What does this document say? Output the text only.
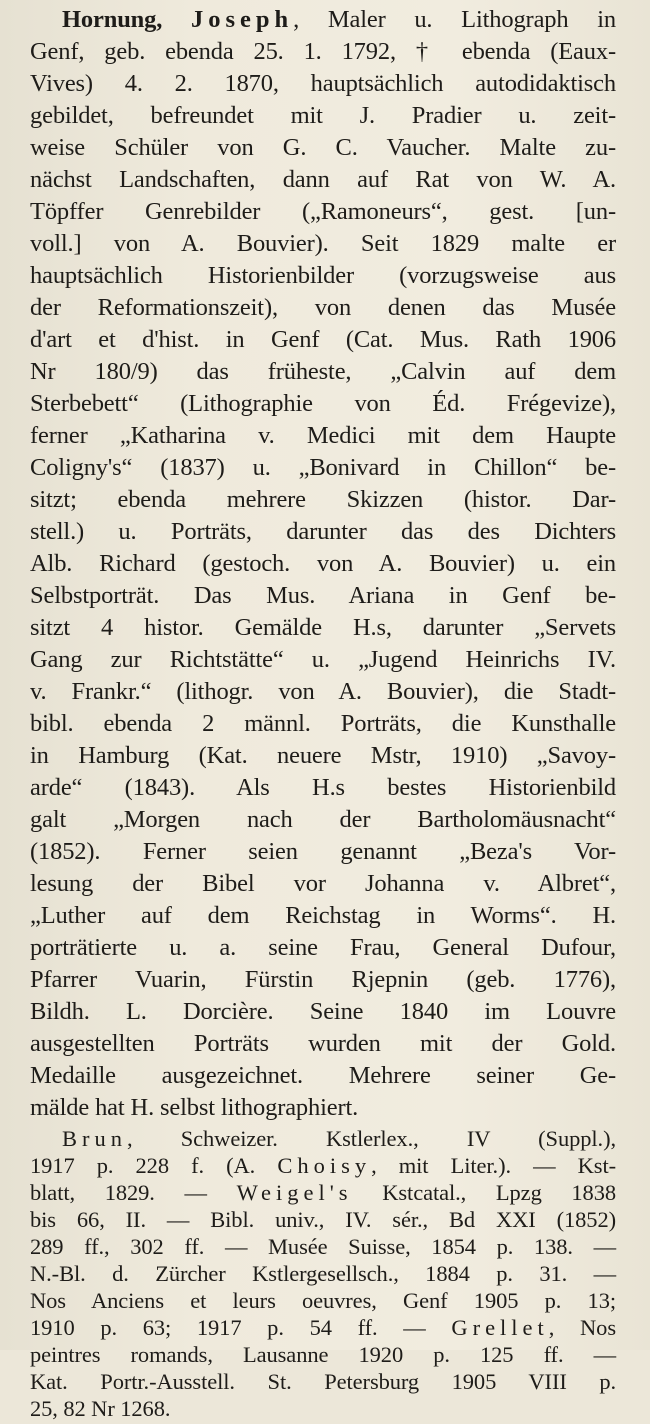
Hornung, Joseph, Maler u. Lithograph in
Genf, geb. ebenda 25. 1. 1792, † ebenda (Eaux-
Vives) 4. 2. 1870, hauptsächlich autodidaktisch
gebildet, befreundet mit J. Pradier u. zeit-
weise Schüler von G. C. Vaucher. Malte zu-
nächst Landschaften, dann auf Rat von W. A.
Töpffer Genrebilder („Ramoneurs“, gest. [un-
voll.] von A. Bouvier). Seit 1829 malte er
hauptsächlich Historienbilder (vorzugsweise aus
der Reformationszeit), von denen das Musée
d'art et d'hist. in Genf (Cat. Mus. Rath 1906
Nr 180/9) das früheste, „Calvin auf dem
Sterbebett“ (Lithographie von Éd. Frégevize),
ferner „Katharina v. Medici mit dem Haupte
Coligny's“ (1837) u. „Bonivard in Chillon“ be-
sitzt; ebenda mehrere Skizzen (histor. Dar-
stell.) u. Porträts, darunter das des Dichters
Alb. Richard (gestoch. von A. Bouvier) u. ein
Selbstporträt. Das Mus. Ariana in Genf be-
sitzt 4 histor. Gemälde H.s, darunter „Servets
Gang zur Richtstätte“ u. „Jugend Heinrichs IV.
v. Frankr.“ (lithogr. von A. Bouvier), die Stadt-
bibl. ebenda 2 männl. Porträts, die Kunsthalle
in Hamburg (Kat. neuere Mstr, 1910) „Savoy-
arde“ (1843). Als H.s bestes Historienbild
galt „Morgen nach der Bartholomäusnacht“
(1852). Ferner seien genannt „Beza's Vor-
lesung der Bibel vor Johanna v. Albret“,
„Luther auf dem Reichstag in Worms“. H.
porträtierte u. a. seine Frau, General Dufour,
Pfarrer Vuarin, Fürstin Rjepnin (geb. 1776),
Bildh. L. Dorcière. Seine 1840 im Louvre
ausgestellten Porträts wurden mit der Gold.
Medaille ausgezeichnet. Mehrere seiner Ge-
mälde hat H. selbst lithographiert.
Brun, Schweizer. Kstlerlex., IV (Suppl.),
1917 p. 228 f. (A. Choisy, mit Liter.). — Kst-
blatt, 1829. — Weigel's Kstcatal., Lpzg 1838
bis 66, II. — Bibl. univ., IV. sér., Bd XXI (1852)
289 ff., 302 ff. — Musée Suisse, 1854 p. 138. —
N.-Bl. d. Zürcher Kstlergesellsch., 1884 p. 31. —
Nos Anciens et leurs oeuvres, Genf 1905 p. 13;
1910 p. 63; 1917 p. 54 ff. — Grellet, Nos
peintres romands, Lausanne 1920 p. 125 ff. —
Kat. Portr.-Ausstell. St. Petersburg 1905 VIII p.
25, 82 Nr 1268.
